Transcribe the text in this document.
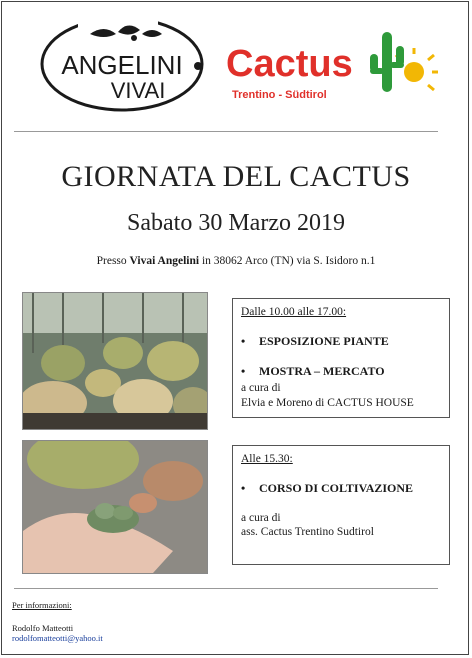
ANGELINI
VIVAI
Cactus
Trentino - Südtirol
GIORNATA DEL CACTUS
Sabato 30 Marzo 2019
Presso Vivai Angelini in 38062 Arco (TN) via S. Isidoro n.1
Dalle 10.00 alle 17.00:
•	ESPOSIZIONE PIANTE
•	MOSTRA – MERCATO
a cura di
Elvia e Moreno di CACTUS HOUSE
Alle 15.30:
•	CORSO DI COLTIVAZIONE
a cura di
ass. Cactus Trentino Sudtirol
Per informazioni:
Rodolfo Matteotti
rodolfomatteotti@yahoo.it
